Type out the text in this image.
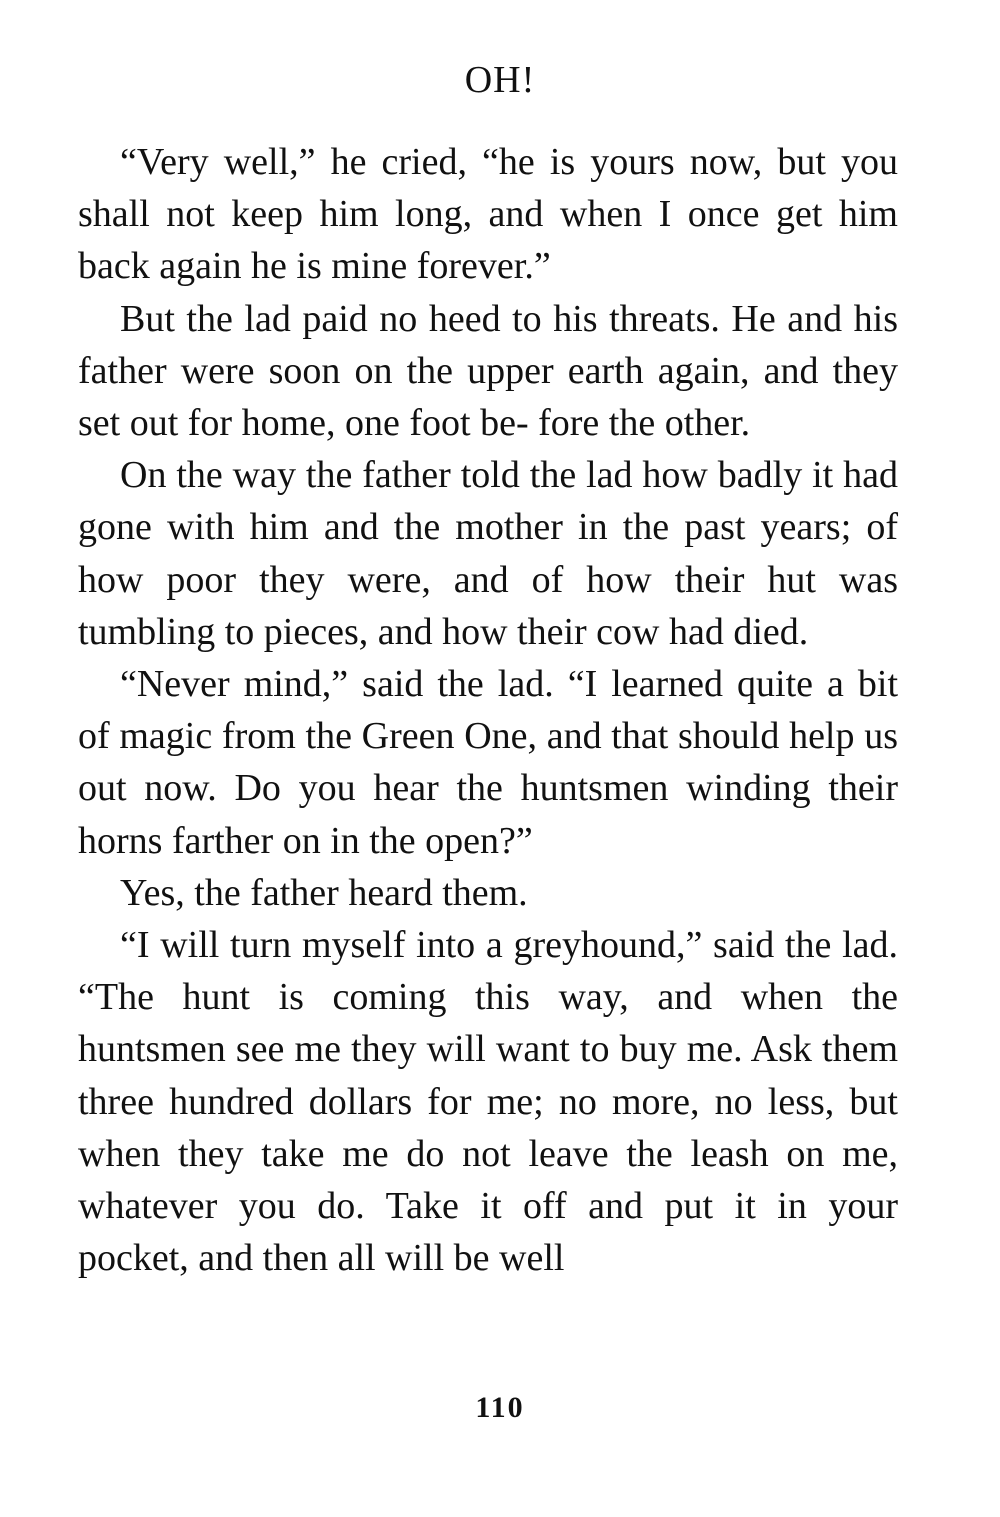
OH!

“Very well,” he cried, “he is yours now, but you shall not keep him long, and when I once get him back again he is mine forever.”

But the lad paid no heed to his threats. He and his father were soon on the upper earth again, and they set out for home, one foot be- fore the other.

On the way the father told the lad how badly it had gone with him and the mother in the past years; of how poor they were, and of how their hut was tumbling to pieces, and how their cow had died.

“Never mind,” said the lad. “I learned quite a bit of magic from the Green One, and that should help us out now. Do you hear the huntsmen winding their horns farther on in the open?”

Yes, the father heard them.

“I will turn myself into a greyhound,” said the lad. “The hunt is coming this way, and when the huntsmen see me they will want to buy me. Ask them three hundred dollars for me; no more, no less, but when they take me do not leave the leash on me, whatever you do. Take it off and put it in your pocket, and then all will be well

110
